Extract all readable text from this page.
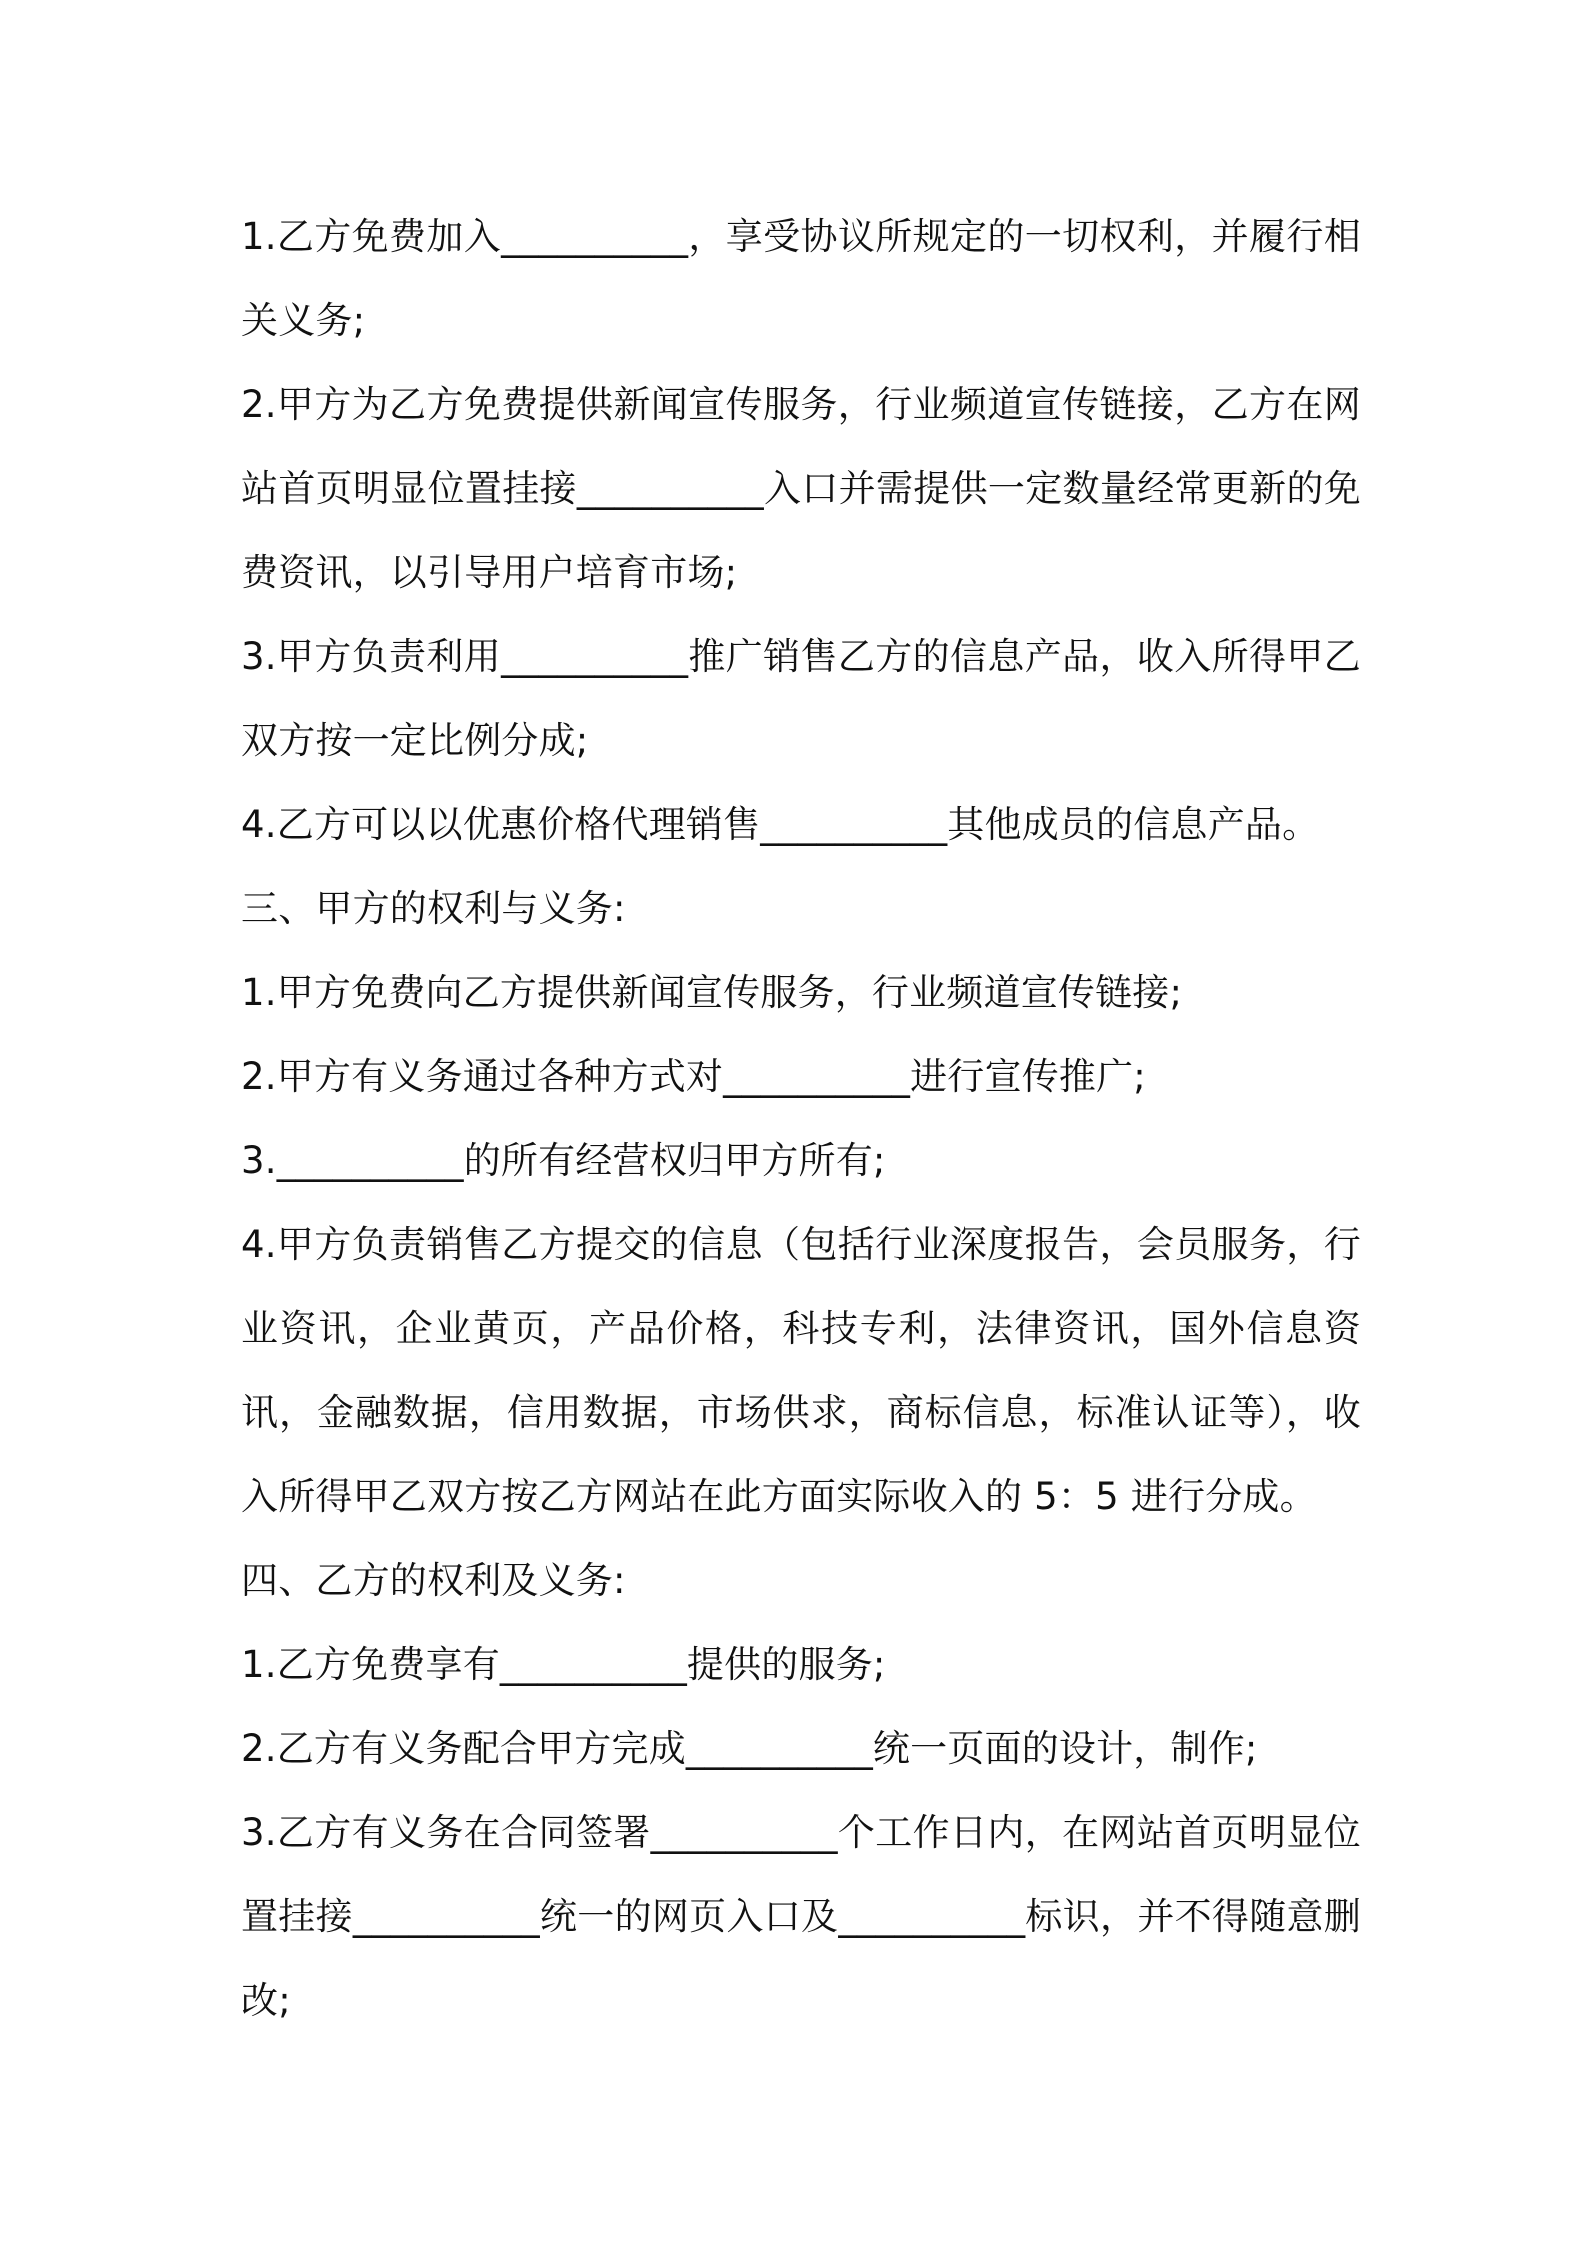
1.乙方免费加入__________，享受协议所规定的一切权利，并履行相关义务;

2.甲方为乙方免费提供新闻宣传服务，行业频道宣传链接，乙方在网站首页明显位置挂接__________入口并需提供一定数量经常更新的免费资讯，以引导用户培育市场;

3.甲方负责利用__________推广销售乙方的信息产品，收入所得甲乙双方按一定比例分成;

4.乙方可以以优惠价格代理销售__________其他成员的信息产品。

三、甲方的权利与义务:

1.甲方免费向乙方提供新闻宣传服务，行业频道宣传链接;

2.甲方有义务通过各种方式对__________进行宣传推广;

3.__________的所有经营权归甲方所有;

4.甲方负责销售乙方提交的信息（包括行业深度报告，会员服务，行业资讯，企业黄页，产品价格，科技专利，法律资讯，国外信息资讯，金融数据，信用数据，市场供求，商标信息，标准认证等），收入所得甲乙双方按乙方网站在此方面实际收入的 5：5 进行分成。

四、乙方的权利及义务:

1.乙方免费享有__________提供的服务;

2.乙方有义务配合甲方完成__________统一页面的设计，制作;

3.乙方有义务在合同签署__________个工作日内，在网站首页明显位置挂接__________统一的网页入口及__________标识，并不得随意删改;
